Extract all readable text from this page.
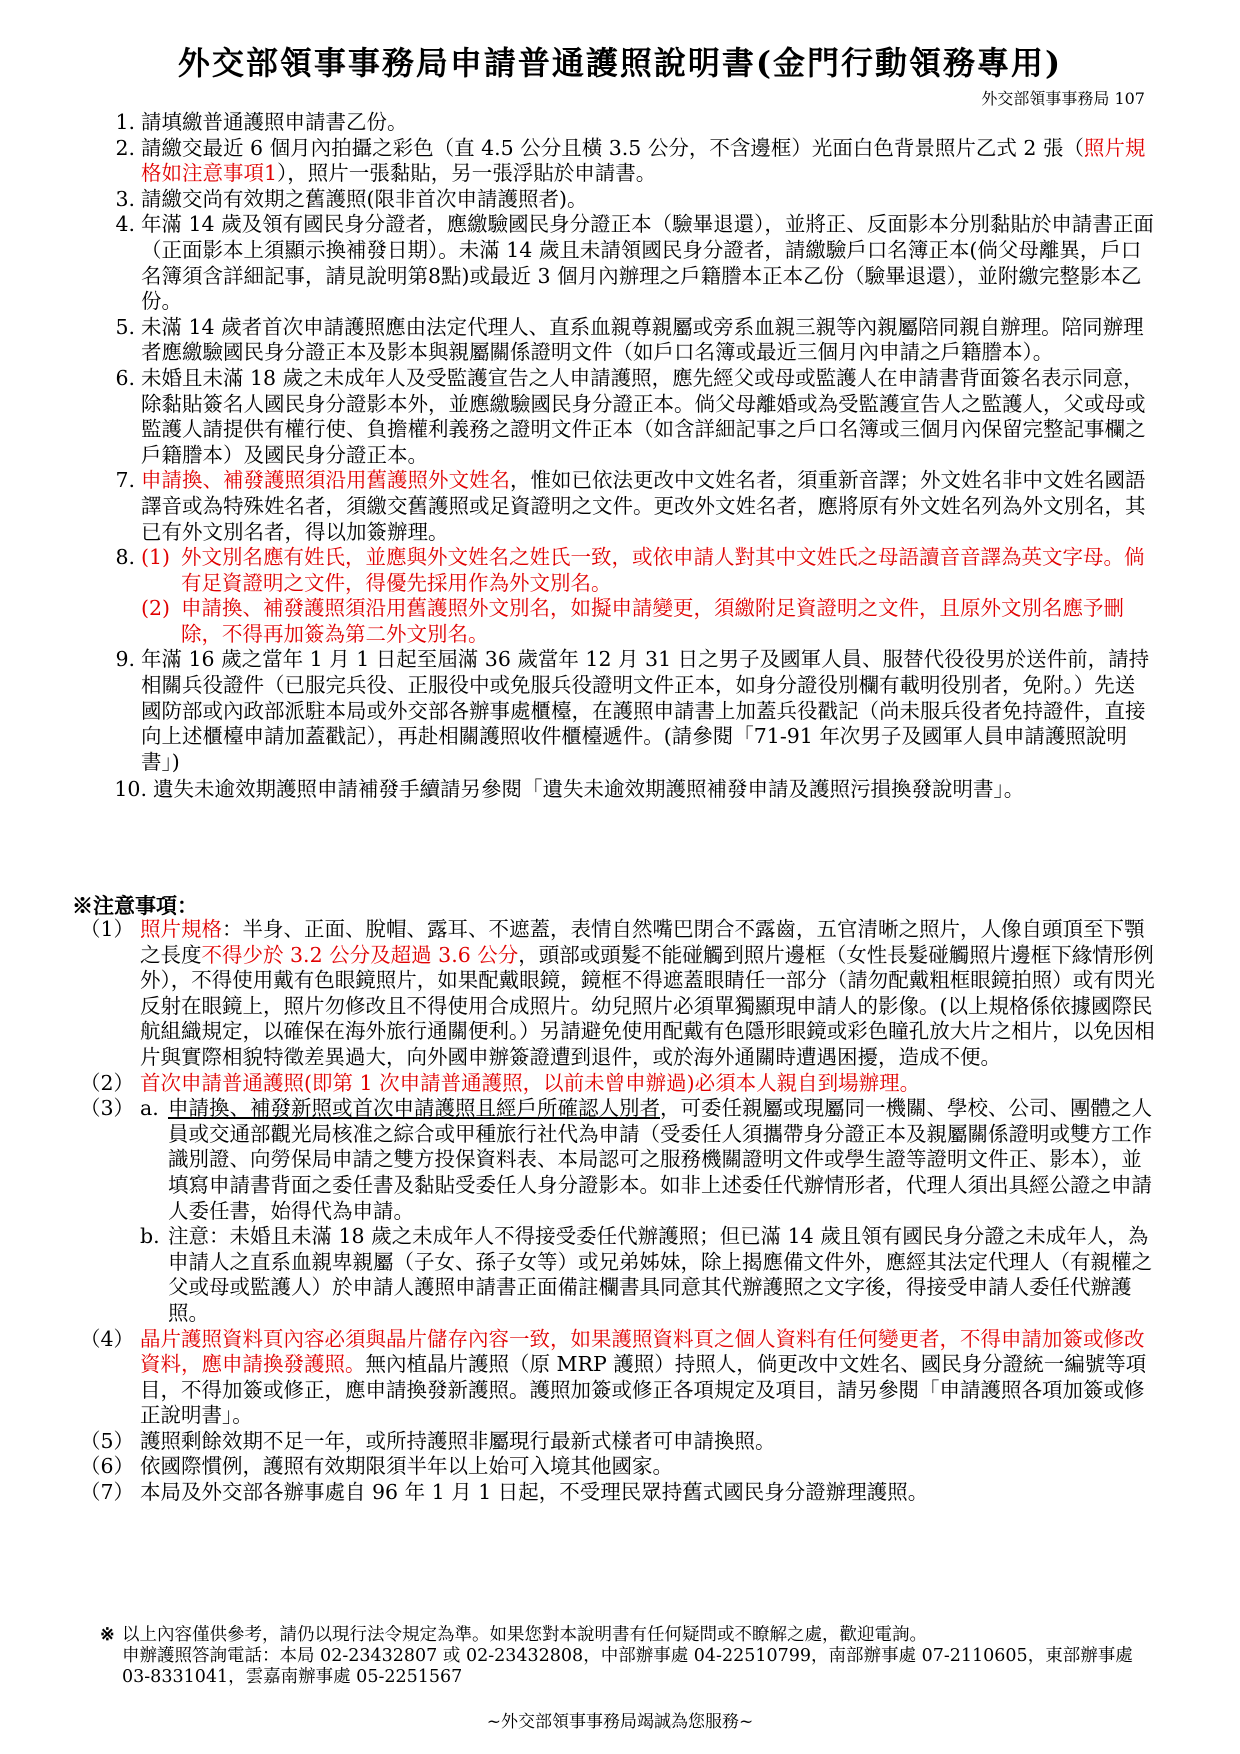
外交部領事事務局申請普通護照說明書(金門行動領務專用)
外交部領事事務局 107
1. 請填繳普通護照申請書乙份。
2. 請繳交最近 6 個月內拍攝之彩色（直 4.5 公分且橫 3.5 公分，不含邊框）光面白色背景照片乙式 2 張（照片規格如注意事項1），照片一張黏貼，另一張浮貼於申請書。
3. 請繳交尚有效期之舊護照(限非首次申請護照者)。
4. 年滿 14 歲及領有國民身分證者，應繳驗國民身分證正本（驗畢退還），並將正、反面影本分別黏貼於申請書正面（正面影本上須顯示換補發日期）。未滿 14 歲且未請領國民身分證者，請繳驗戶口名簿正本(倘父母離異，戶口名簿須含詳細記事，請見說明第8點)或最近 3 個月內辦理之戶籍謄本正本乙份（驗畢退還），並附繳完整影本乙份。
5. 未滿 14 歲者首次申請護照應由法定代理人、直系血親尊親屬或旁系血親三親等內親屬陪同親自辦理。陪同辦理者應繳驗國民身分證正本及影本與親屬關係證明文件（如戶口名簿或最近三個月內申請之戶籍謄本）。
6. 未婚且未滿 18 歲之未成年人及受監護宣告之人申請護照，應先經父或母或監護人在申請書背面簽名表示同意，除黏貼簽名人國民身分證影本外，並應繳驗國民身分證正本。倘父母離婚或為受監護宣告人之監護人，父或母或監護人請提供有權行使、負擔權利義務之證明文件正本（如含詳細記事之戶口名簿或三個月內保留完整記事欄之戶籍謄本）及國民身分證正本。
7. 申請換、補發護照須沿用舊護照外文姓名，惟如已依法更改中文姓名者，須重新音譯；外文姓名非中文姓名國語譯音或為特殊姓名者，須繳交舊護照或足資證明之文件。更改外文姓名者，應將原有外文姓名列為外文別名，其已有外文別名者，得以加簽辦理。
8. (1) 外文別名應有姓氏，並應與外文姓名之姓氏一致，或依申請人對其中文姓氏之母語讀音音譯為英文字母。倘有足資證明之文件，得優先採用作為外文別名。
(2) 申請換、補發護照須沿用舊護照外文別名，如擬申請變更，須繳附足資證明之文件，且原外文別名應予刪除，不得再加簽為第二外文別名。
9. 年滿 16 歲之當年 1 月 1 日起至屆滿 36 歲當年 12 月 31 日之男子及國軍人員、服替代役役男於送件前，請持相關兵役證件（已服完兵役、正服役中或免服兵役證明文件正本，如身分證役別欄有載明役別者，免附。）先送國防部或內政部派駐本局或外交部各辦事處櫃檯，在護照申請書上加蓋兵役戳記（尚未服兵役者免持證件，直接向上述櫃檯申請加蓋戳記），再赴相關護照收件櫃檯遞件。(請參閱「71-91 年次男子及國軍人員申請護照說明書」)
10. 遺失未逾效期護照申請補發手續請另參閱「遺失未逾效期護照補發申請及護照污損換發說明書」。
※注意事項：
（1） 照片規格：半身、正面、脫帽、露耳、不遮蓋，表情自然嘴巴閉合不露齒，五官清晰之照片，人像自頭頂至下顎之長度不得少於 3.2 公分及超過 3.6 公分，頭部或頭髮不能碰觸到照片邊框（女性長髮碰觸照片邊框下緣情形例外），不得使用戴有色眼鏡照片，如果配戴眼鏡，鏡框不得遮蓋眼睛任一部分（請勿配戴粗框眼鏡拍照）或有閃光反射在眼鏡上，照片勿修改且不得使用合成照片。幼兒照片必須單獨顯現申請人的影像。(以上規格係依據國際民航組織規定，以確保在海外旅行通關便利。）另請避免使用配戴有色隱形眼鏡或彩色瞳孔放大片之相片，以免因相片與實際相貌特徵差異過大，向外國申辦簽證遭到退件，或於海外通關時遭遇困擾，造成不便。
（2） 首次申請普通護照(即第 1 次申請普通護照，以前未曾申辦過)必須本人親自到場辦理。
（3） a. 申請換、補發新照或首次申請護照且經戶所確認人別者，可委任親屬或現屬同一機關、學校、公司、團體之人員或交通部觀光局核准之綜合或甲種旅行社代為申請（受委任人須攜帶身分證正本及親屬關係證明或雙方工作識別證、向勞保局申請之雙方投保資料表、本局認可之服務機關證明文件或學生證等證明文件正、影本），並填寫申請書背面之委任書及黏貼受委任人身分證影本。如非上述委任代辦情形者，代理人須出具經公證之申請人委任書，始得代為申請。
b. 注意：未婚且未滿 18 歲之未成年人不得接受委任代辦護照；但已滿 14 歲且領有國民身分證之未成年人，為申請人之直系血親卑親屬（子女、孫子女等）或兄弟姊妹，除上揭應備文件外，應經其法定代理人（有親權之父或母或監護人）於申請人護照申請書正面備註欄書具同意其代辦護照之文字後，得接受申請人委任代辦護照。
（4） 晶片護照資料頁內容必須與晶片儲存內容一致，如果護照資料頁之個人資料有任何變更者，不得申請加簽或修改資料，應申請換發護照。無內植晶片護照（原 MRP 護照）持照人，倘更改中文姓名、國民身分證統一編號等項目，不得加簽或修正，應申請換發新護照。護照加簽或修正各項規定及項目，請另參閱「申請護照各項加簽或修正說明書」。
（5） 護照剩餘效期不足一年，或所持護照非屬現行最新式樣者可申請換照。
（6） 依國際慣例，護照有效期限須半年以上始可入境其他國家。
（7） 本局及外交部各辦事處自 96 年 1 月 1 日起，不受理民眾持舊式國民身分證辦理護照。
※ 以上內容僅供參考，請仍以現行法令規定為準。如果您對本說明書有任何疑問或不瞭解之處，歡迎電詢。
申辦護照答詢電話：本局 02-23432807 或 02-23432808，中部辦事處 04-22510799，南部辦事處 07-2110605，東部辦事處 03-8331041，雲嘉南辦事處 05-2251567
~外交部領事事務局竭誠為您服務~
